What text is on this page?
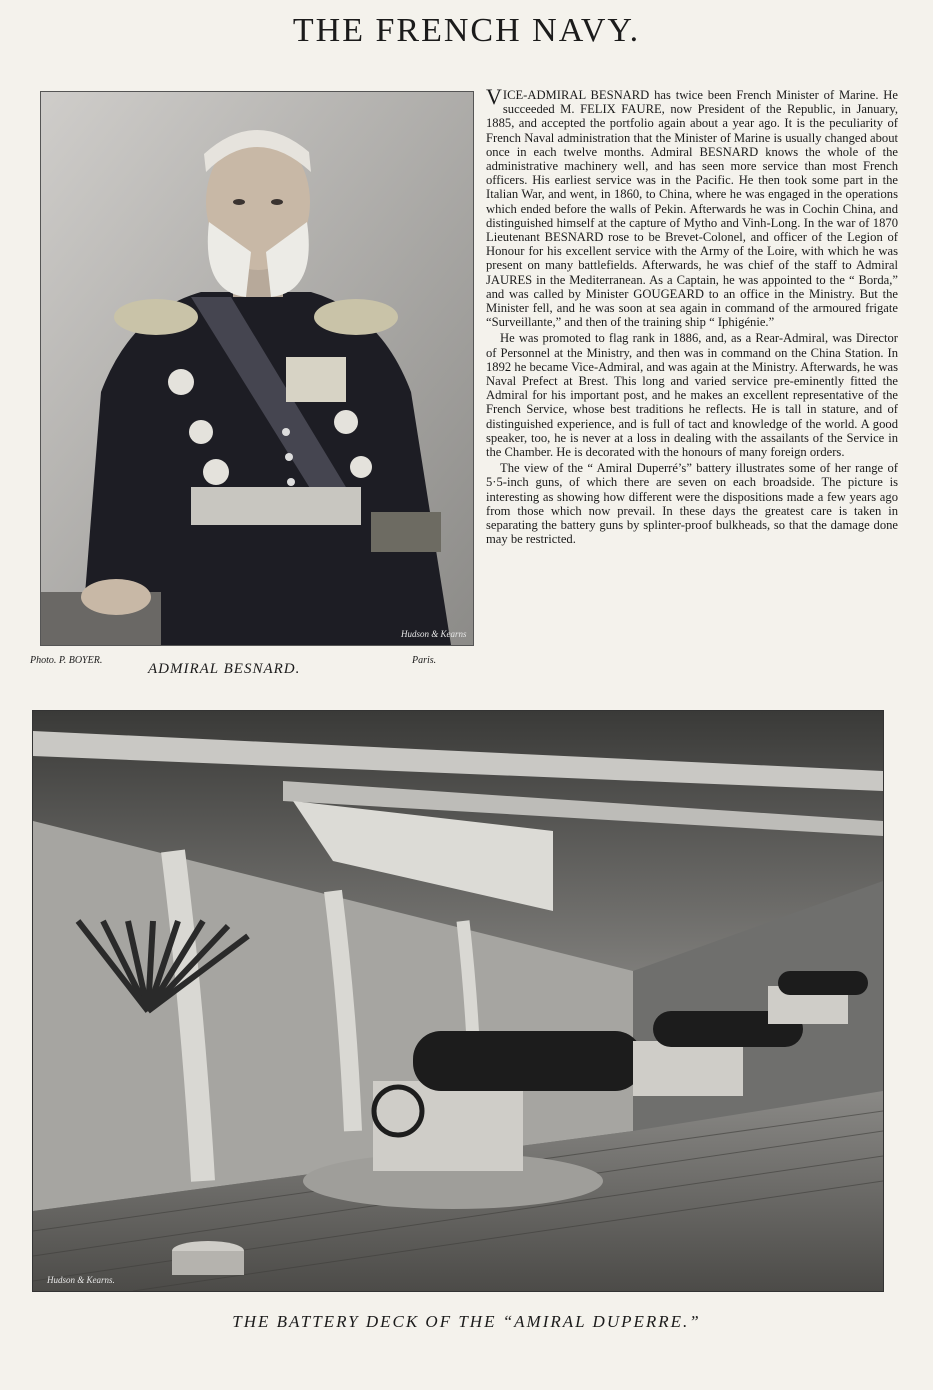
THE FRENCH NAVY.
Hudson & Kearns
Photo. P. BOYER.
ADMIRAL BESNARD.
Paris.

VICE-ADMIRAL BESNARD has twice been French Minister of Marine. He succeeded M. FELIX FAURE, now President of the Republic, in January, 1885, and accepted the portfolio again about a year ago. It is the peculiarity of French Naval administration that the Minister of Marine is usually changed about once in each twelve months. Admiral BESNARD knows the whole of the administrative machinery well, and has seen more service than most French officers. His earliest service was in the Pacific. He then took some part in the Italian War, and went, in 1860, to China, where he was engaged in the operations which ended before the walls of Pekin. Afterwards he was in Cochin China, and distinguished himself at the capture of Mytho and Vinh-Long. In the war of 1870 Lieutenant BESNARD rose to be Brevet-Colonel, and officer of the Legion of Honour for his excellent service with the Army of the Loire, with which he was present on many battlefields. Afterwards, he was chief of the staff to Admiral JAURES in the Mediterranean. As a Captain, he was appointed to the “ Borda,” and was called by Minister GOUGEARD to an office in the Ministry. But the Minister fell, and he was soon at sea again in command of the armoured frigate “Surveillante,” and then of the training ship “ Iphigénie.”

He was promoted to flag rank in 1886, and, as a Rear-Admiral, was Director of Personnel at the Ministry, and then was in command on the China Station. In 1892 he became Vice-Admiral, and was again at the Ministry. Afterwards, he was Naval Prefect at Brest. This long and varied service pre-eminently fitted the Admiral for his important post, and he makes an excellent representative of the French Service, whose best traditions he reflects. He is tall in stature, and of distinguished experience, and is full of tact and knowledge of the world. A good speaker, too, he is never at a loss in dealing with the assailants of the Service in the Chamber. He is decorated with the honours of many foreign orders.

The view of the “ Amiral Duperré’s” battery illustrates some of her range of 5·5-inch guns, of which there are seven on each broadside. The picture is interesting as showing how different were the dispositions made a few years ago from those which now prevail. In these days the greatest care is taken in separating the battery guns by splinter-proof bulkheads, so that the damage done may be restricted.

Hudson & Kearns.
THE BATTERY DECK OF THE “AMIRAL DUPERRE.”
